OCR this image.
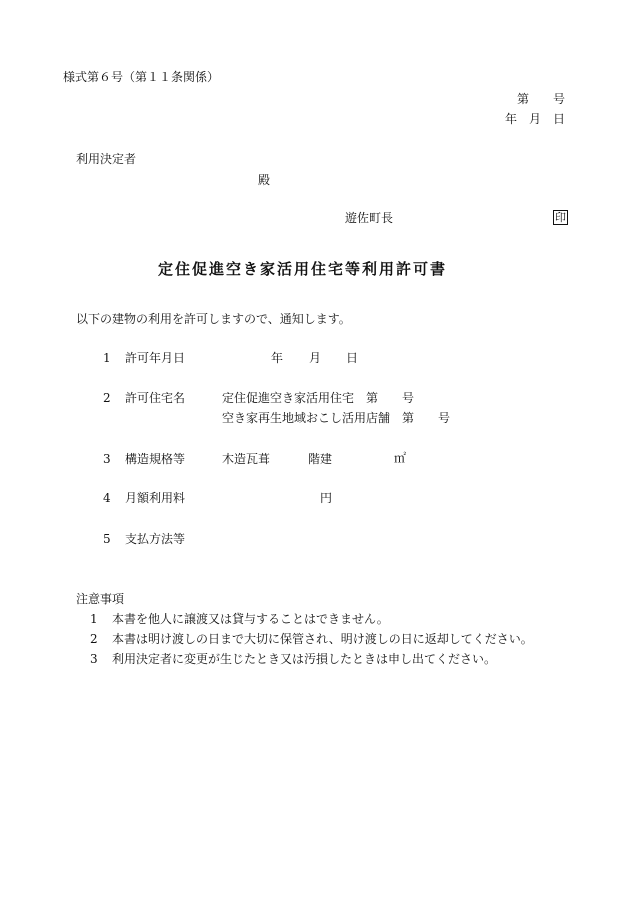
様式第６号（第１１条関係）
第　　号
年　月　日
利用決定者
殿
遊佐町長	印
定住促進空き家活用住宅等利用許可書
以下の建物の利用を許可しますので、通知します。
1 許可年月日	年 月 日
2 許可住宅名	定住促進空き家活用住宅　第　　号
空き家再生地域おこし活用店舗　第　　号
3 構造規格等	木造瓦葺	階建	㎡
4 月額利用料	円
5 支払方法等
注意事項
1 本書を他人に譲渡又は貸与することはできません。
2 本書は明け渡しの日まで大切に保管され、明け渡しの日に返却してください。
3 利用決定者に変更が生じたとき又は汚損したときは申し出てください。
